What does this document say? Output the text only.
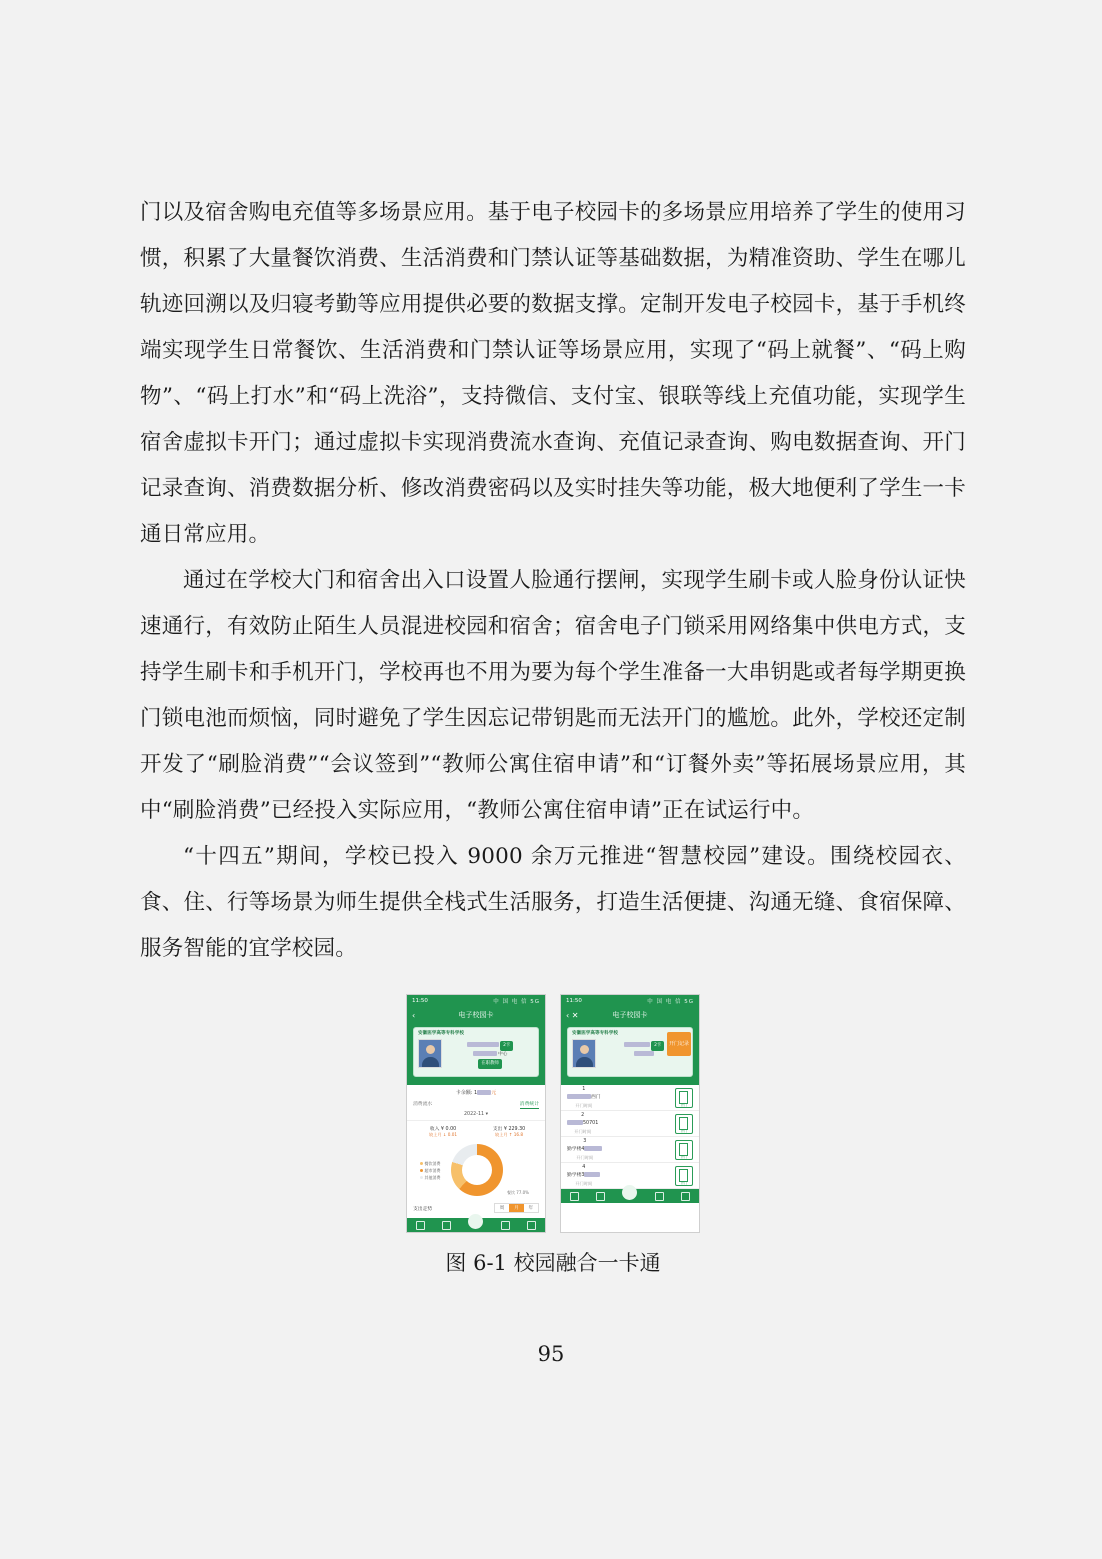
门以及宿舍购电充值等多场景应用。基于电子校园卡的多场景应用培养了学生的使用习惯，积累了大量餐饮消费、生活消费和门禁认证等基础数据，为精准资助、学生在哪儿轨迹回溯以及归寝考勤等应用提供必要的数据支撑。定制开发电子校园卡，基于手机终端实现学生日常餐饮、生活消费和门禁认证等场景应用，实现了“码上就餐”、“码上购物”、“码上打水”和“码上洗浴”，支持微信、支付宝、银联等线上充值功能，实现学生宿舍虚拟卡开门；通过虚拟卡实现消费流水查询、充值记录查询、购电数据查询、开门记录查询、消费数据分析、修改消费密码以及实时挂失等功能，极大地便利了学生一卡通日常应用。

通过在学校大门和宿舍出入口设置人脸通行摆闸，实现学生刷卡或人脸身份认证快速通行，有效防止陌生人员混进校园和宿舍；宿舍电子门锁采用网络集中供电方式，支持学生刷卡和手机开门，学校再也不用为要为每个学生准备一大串钥匙或者每学期更换门锁电池而烦恼，同时避免了学生因忘记带钥匙而无法开门的尴尬。此外，学校还定制开发了“刷脸消费”“会议签到”“教师公寓住宿申请”和“订餐外卖”等拓展场景应用，其中“刷脸消费”已经投入实际应用，“教师公寓住宿申请”正在试运行中。

“十四五”期间，学校已投入 9000 余万元推进“智慧校园”建设。围绕校园衣、食、住、行等场景为师生提供全栈式生活服务，打造生活便捷、沟通无缝、食宿保障、服务智能的宜学校园。

11:50	中 国 电 信 5G
‹	电子校园卡
安徽医学高等专科学校
2卡
中心
在职教师
卡余额: 1	元
消费流水	消费统计
2022-11 ▾
收入 ¥ 0.00
较上月 ↓ 0.01
支出 ¥ 229.30
较上月 ↑ 16.8
餐饮消费
超市消费
其他消费
餐饮 77.0%
支出走势	周	月	年
11:50	中 国 电 信 5G
‹ ✕	电子校园卡
安徽医学高等专科学校
2卡	开门记录
1
西门
开门时间	开门
2
50701
开门时间	开门
3
勤学楼4
开门时间	开门
4
勤学楼3
开门时间	开门
图 6-1 校园融合一卡通
95
